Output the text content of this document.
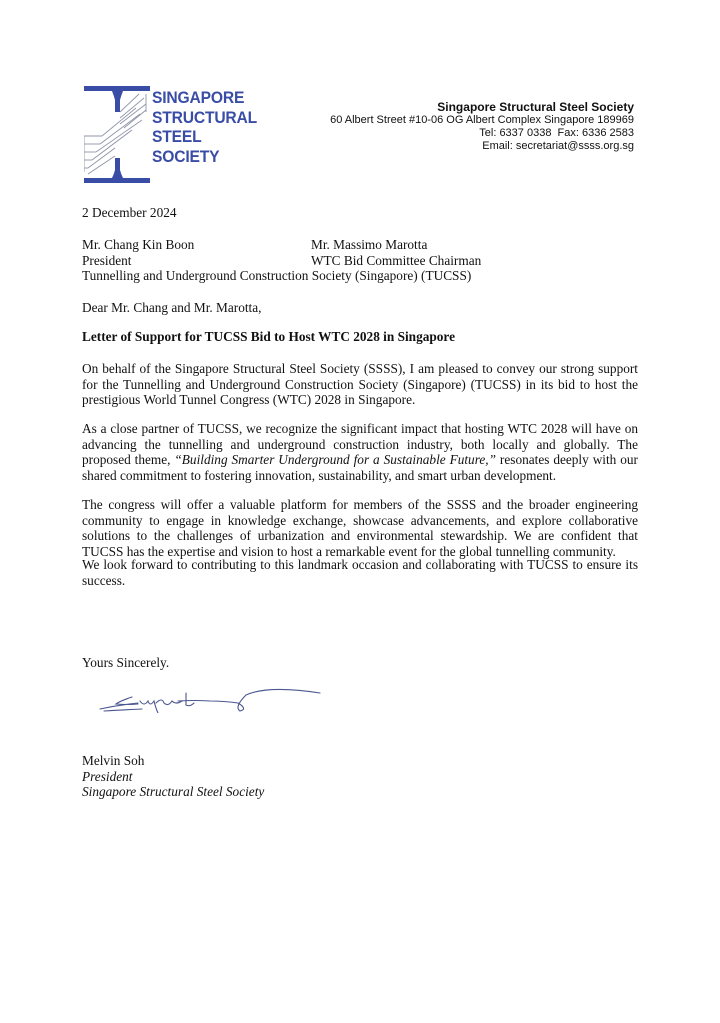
SINGAPORE
STRUCTURAL
STEEL
SOCIETY
Singapore Structural Steel Society
60 Albert Street #10-06 OG Albert Complex Singapore 189969
Tel: 6337 0338  Fax: 6336 2583
Email: secretariat@ssss.org.sg
2 December 2024
Mr. Chang Kin Boon
President
Mr. Massimo Marotta
WTC Bid Committee Chairman
Tunnelling and Underground Construction Society (Singapore) (TUCSS)
Dear Mr. Chang and Mr. Marotta,
Letter of Support for TUCSS Bid to Host WTC 2028 in Singapore
On behalf of the Singapore Structural Steel Society (SSSS), I am pleased to convey our strong support for the Tunnelling and Underground Construction Society (Singapore) (TUCSS) in its bid to host the prestigious World Tunnel Congress (WTC) 2028 in Singapore.
As a close partner of TUCSS, we recognize the significant impact that hosting WTC 2028 will have on advancing the tunnelling and underground construction industry, both locally and globally. The proposed theme, “Building Smarter Underground for a Sustainable Future,” resonates deeply with our shared commitment to fostering innovation, sustainability, and smart urban development.
The congress will offer a valuable platform for members of the SSSS and the broader engineering community to engage in knowledge exchange, showcase advancements, and explore collaborative solutions to the challenges of urbanization and environmental stewardship. We are confident that TUCSS has the expertise and vision to host a remarkable event for the global tunnelling community.
We look forward to contributing to this landmark occasion and collaborating with TUCSS to ensure its success.
Yours Sincerely.
Melvin Soh
President
Singapore Structural Steel Society
